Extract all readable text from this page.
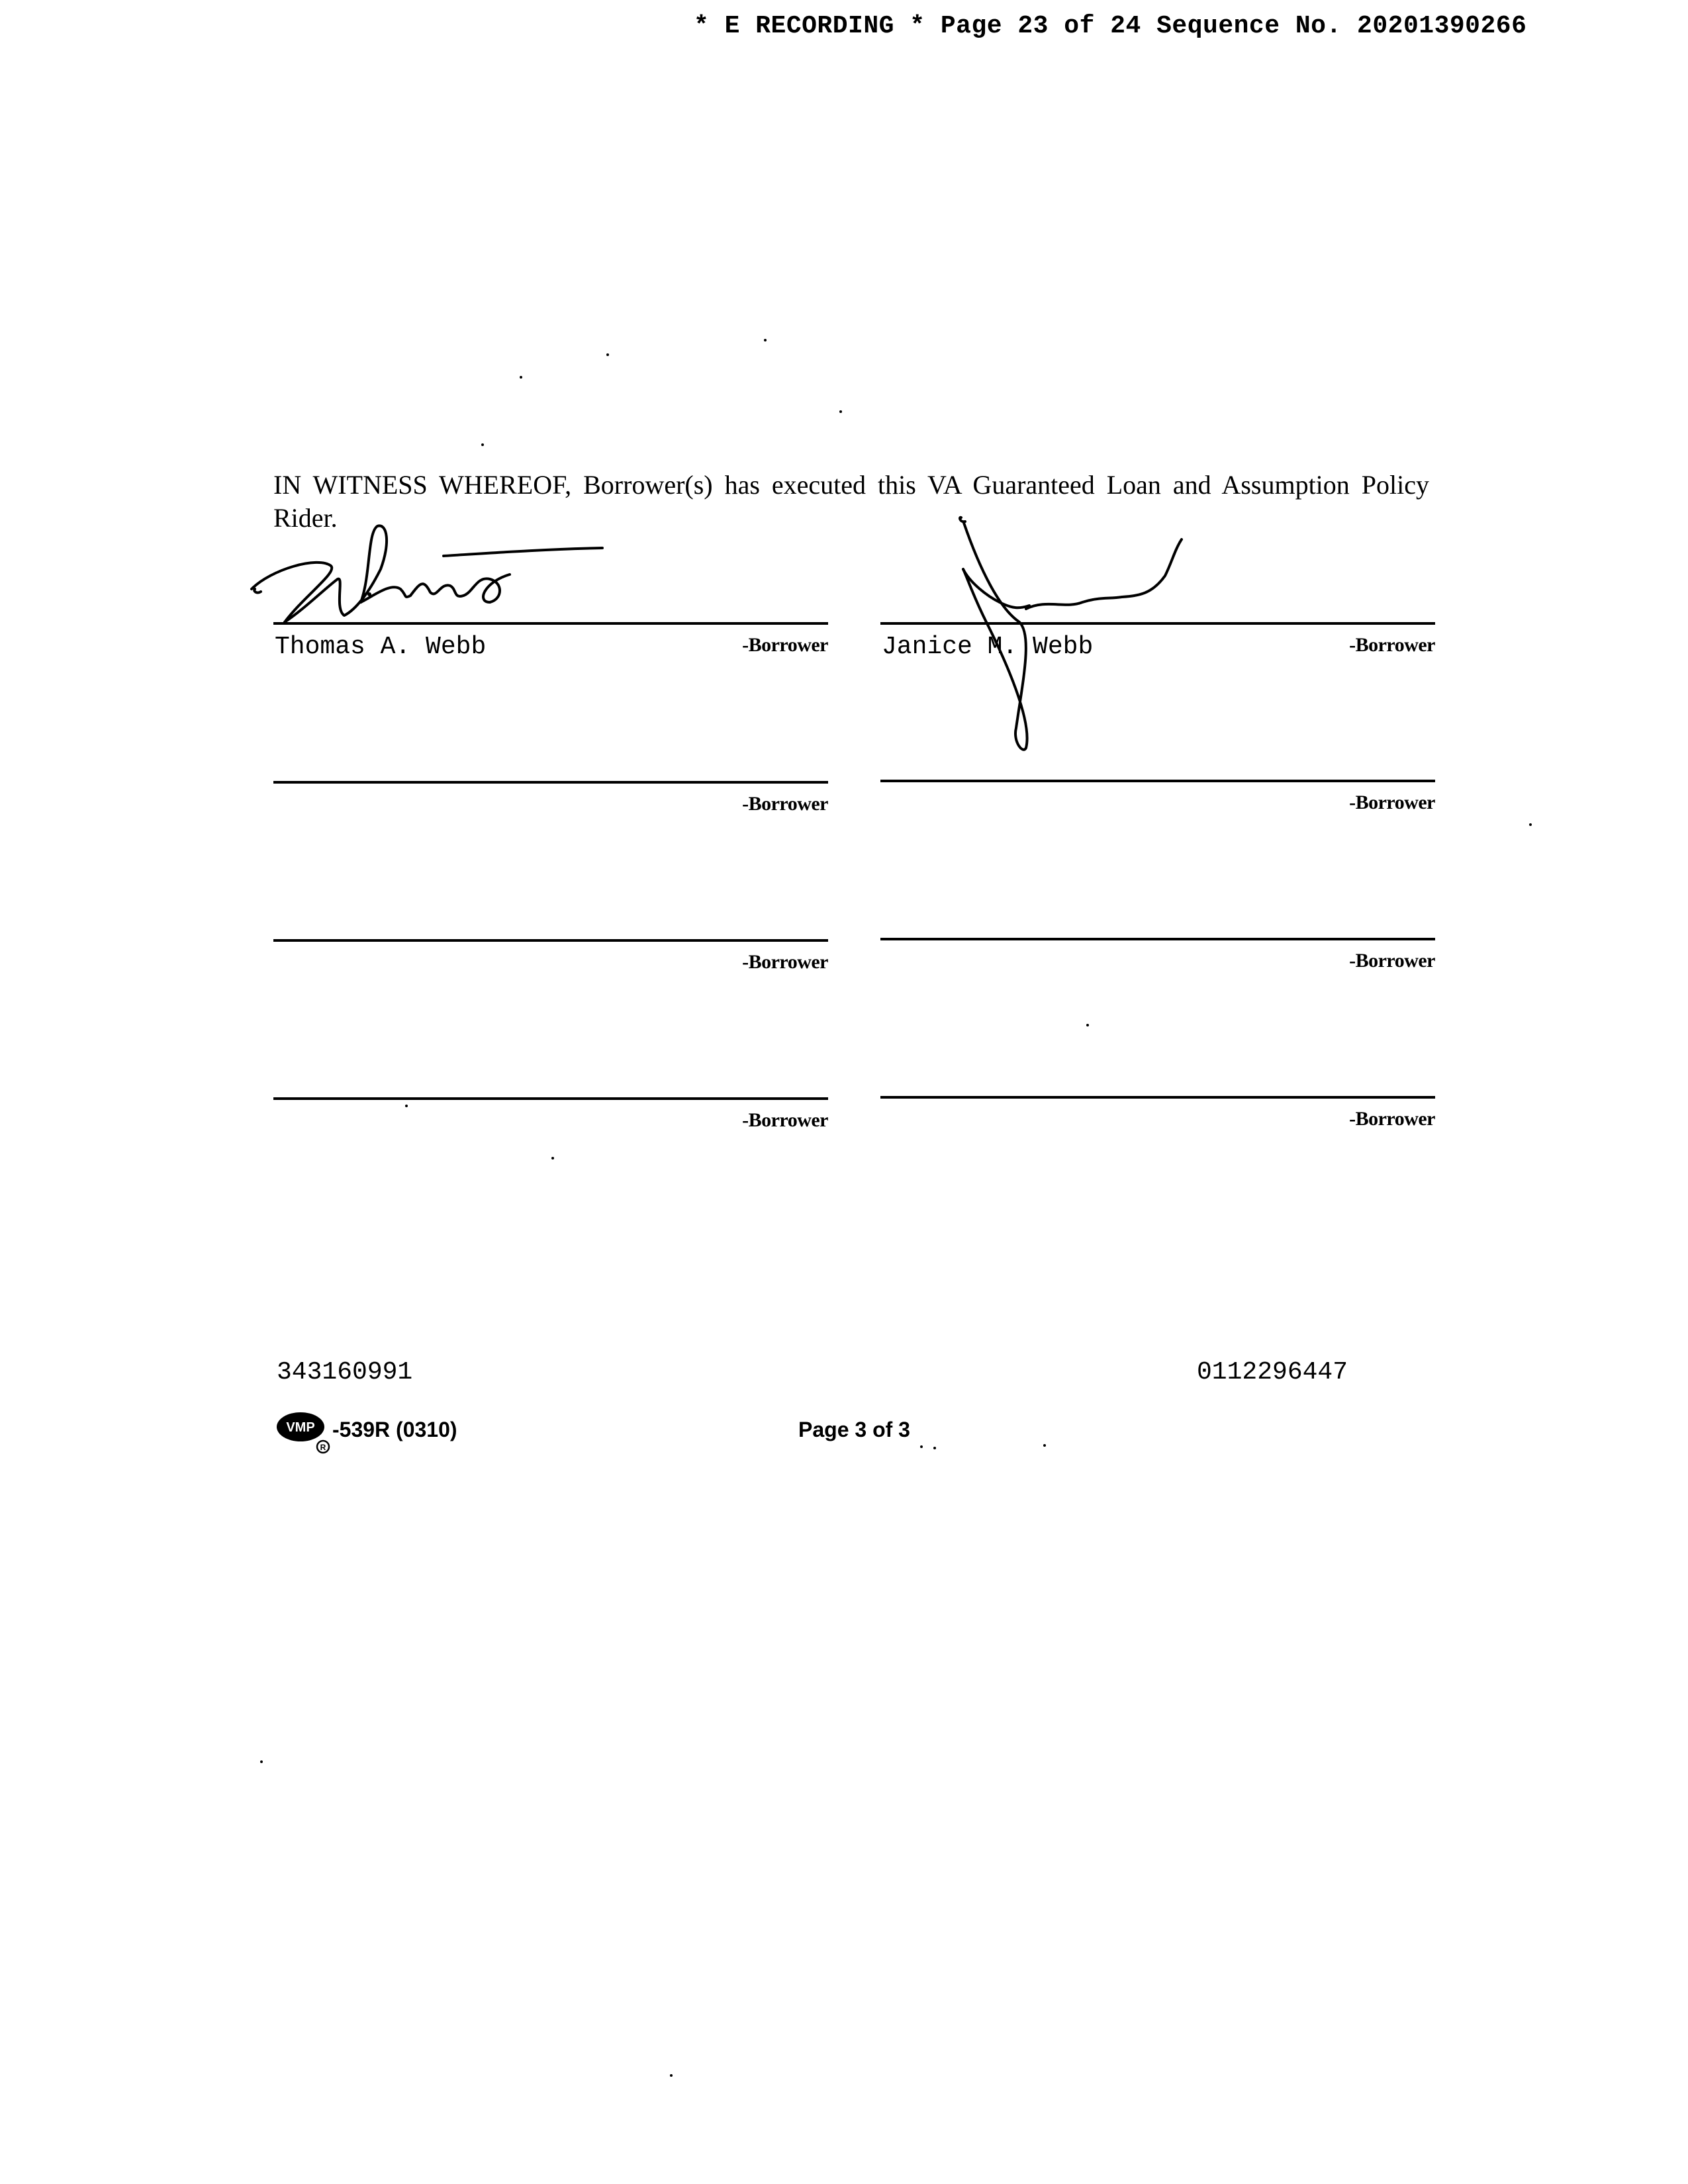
* E RECORDING * Page 23 of 24 Sequence No. 20201390266
IN WITNESS WHEREOF, Borrower(s) has executed this VA Guaranteed Loan and Assumption Policy Rider.
Thomas A. Webb	-Borrower Janice M. Webb	-Borrower
-Borrower	-Borrower
-Borrower	-Borrower
-Borrower	-Borrower
343160991	0112296447
VMP
R
-539R (0310)	Page 3 of 3
